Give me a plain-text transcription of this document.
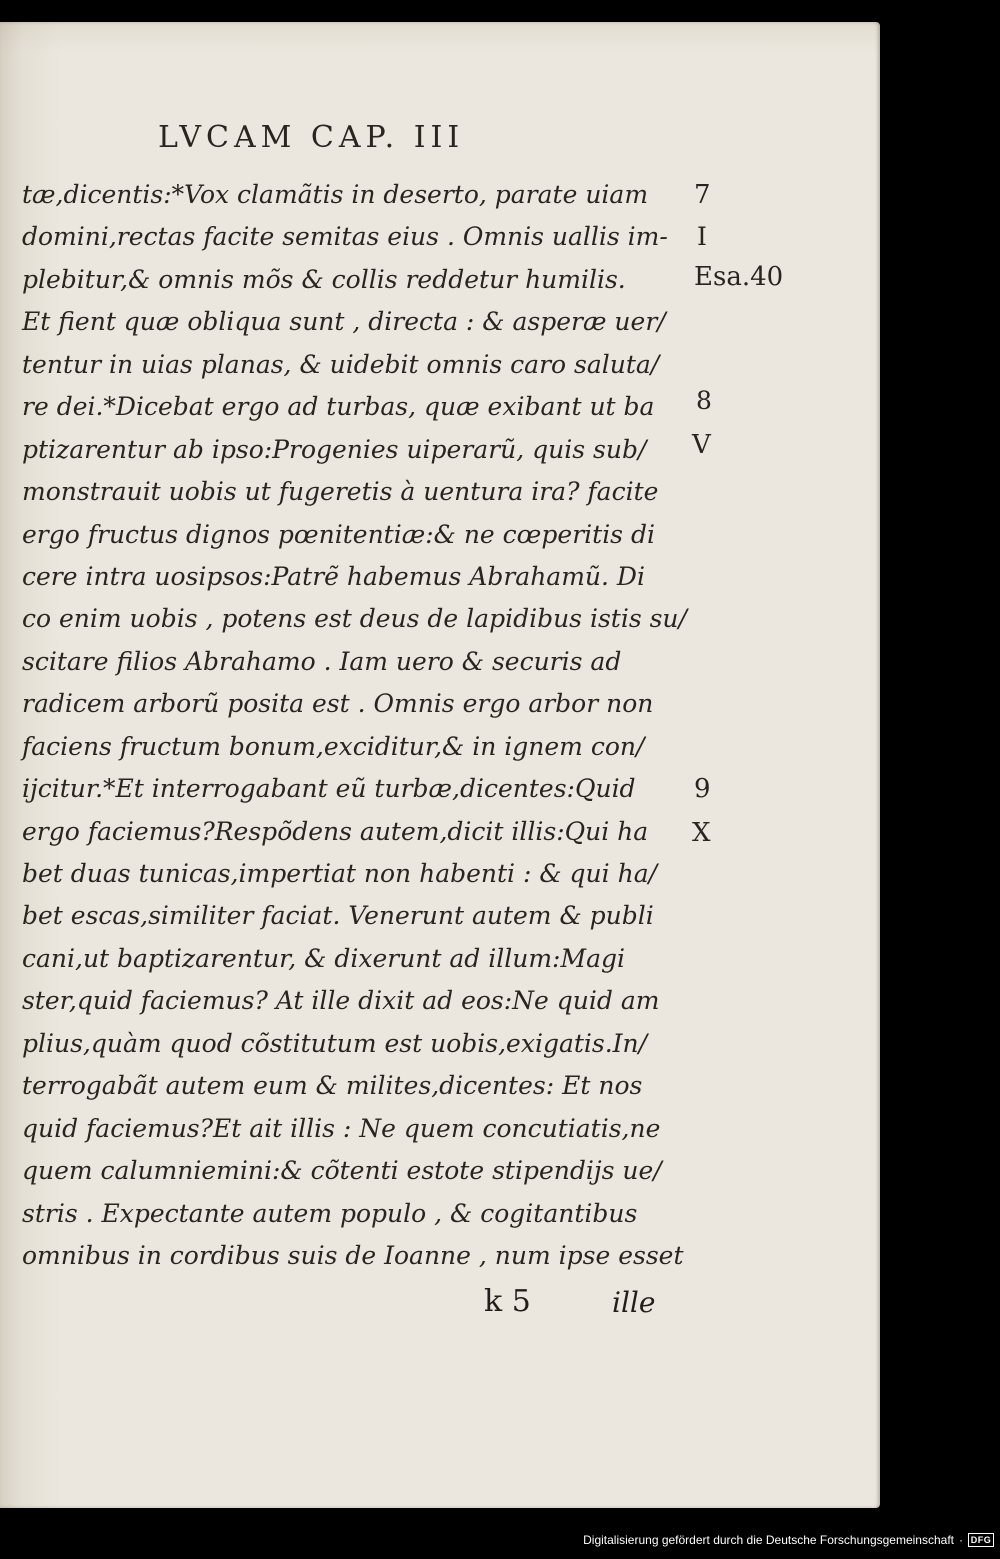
LVCAM CAP. III
tæ,dicentis:*Vox clamãtis in deserto, parate uiam
domini,rectas facite semitas eius . Omnis uallis im-
plebitur,& omnis mõs & collis reddetur humilis.
Et fient quæ obliqua sunt , directa : & asperæ uer/
tentur in uias planas, & uidebit omnis caro saluta/
re dei.*Dicebat ergo ad turbas, quæ exibant ut ba
ptizarentur ab ipso:Progenies uiperarũ, quis sub/
monstrauit uobis ut fugeretis à uentura ira? facite
ergo fructus dignos pœnitentiæ:& ne cœperitis di
cere intra uosipsos:Patrẽ habemus Abrahamũ. Di
co enim uobis , potens est deus de lapidibus istis su/
scitare filios Abrahamo . Iam uero & securis ad
radicem arborũ posita est . Omnis ergo arbor non
faciens fructum bonum,exciditur,& in ignem con/
ijcitur.*Et interrogabant eũ turbæ,dicentes:Quid
ergo faciemus?Respõdens autem,dicit illis:Qui ha
bet duas tunicas,impertiat non habenti : & qui ha/
bet escas,similiter faciat. Venerunt autem & publi
cani,ut baptizarentur, & dixerunt ad illum:Magi
ster,quid faciemus? At ille dixit ad eos:Ne quid am
plius,quàm quod cõstitutum est uobis,exigatis.In/
terrogabãt autem eum & milites,dicentes: Et nos
quid faciemus?Et ait illis : Ne quem concutiatis,ne
quem calumniemini:& cõtenti estote stipendijs ue/
stris . Expectante autem populo , & cogitantibus
omnibus in cordibus suis de Ioanne , num ipse esset
7
I
Esa.40
8
V
9
X
k 5	ille
Digitalisierung gefördert durch die Deutsche Forschungsgemeinschaft · DFG
